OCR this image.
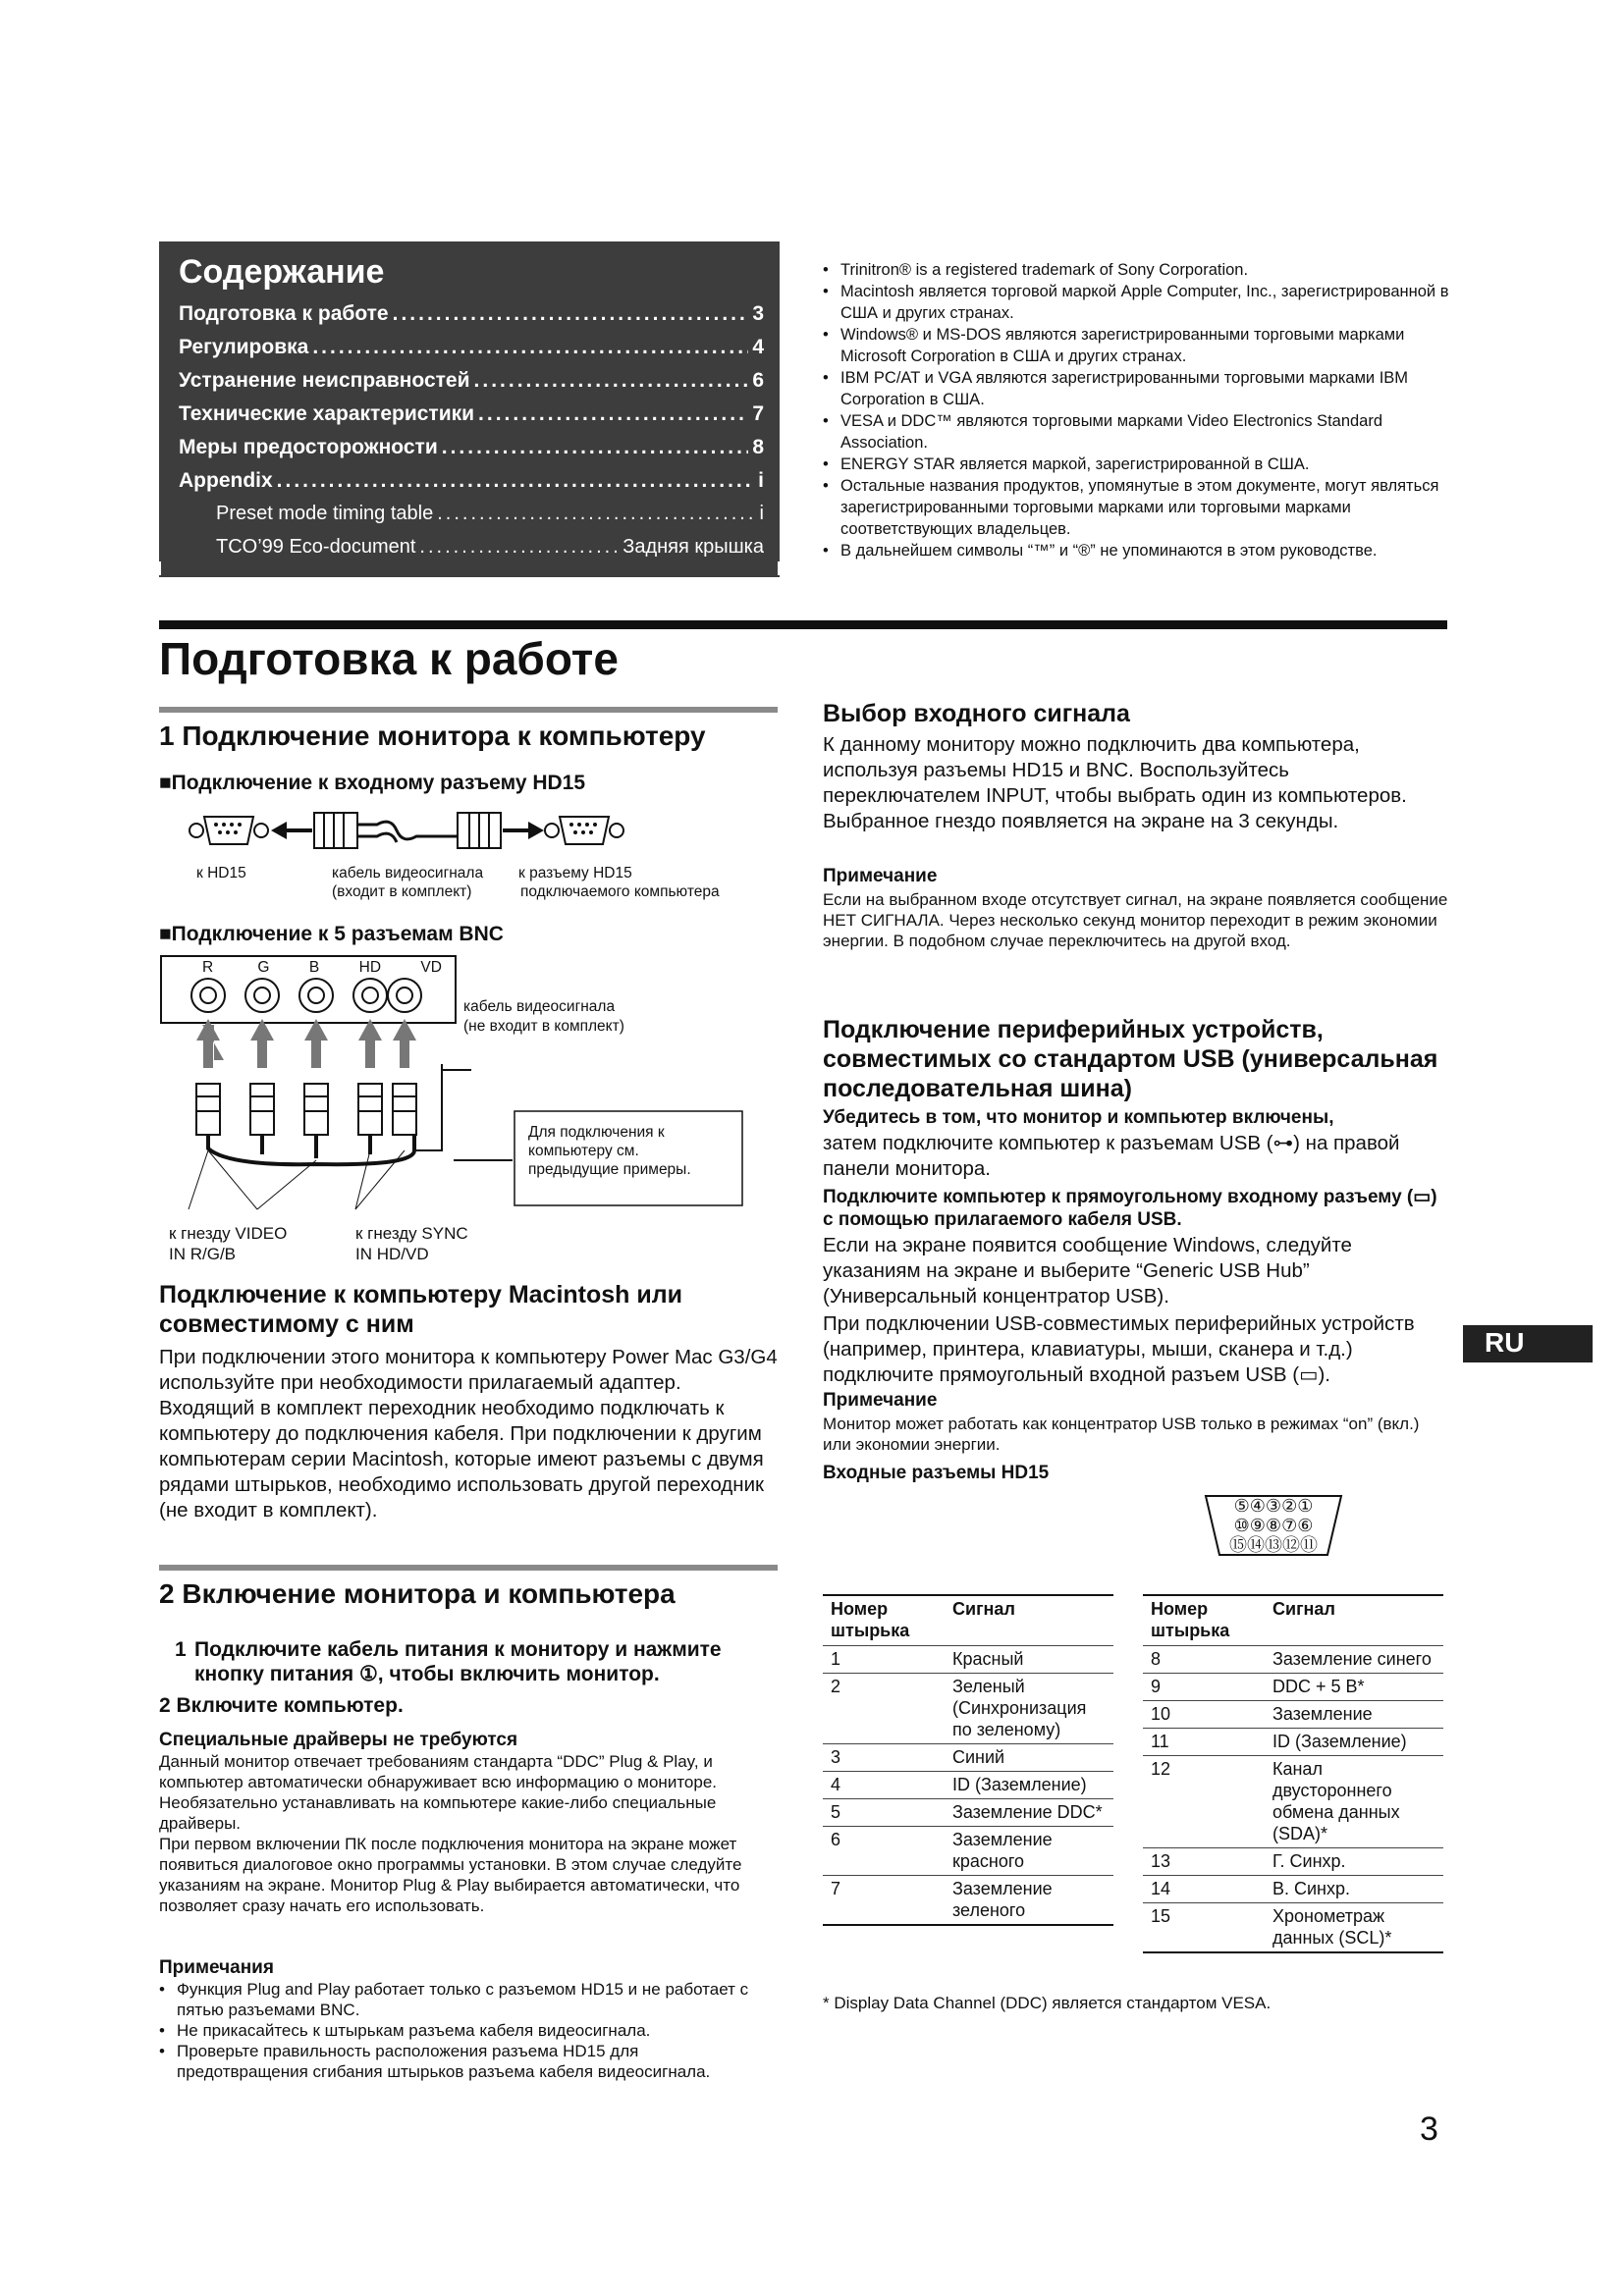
Содержание
Подготовка к работе .....	3
Регулировка .....	4
Устранение неисправностей .....	6
Технические характеристики .....	7
Меры предосторожности .....	8
Appendix .....	i
Preset mode timing table .....	i
TCO’99 Eco-document .....	Задняя крышка
• Trinitron® is a registered trademark of Sony Corporation.
• Macintosh является торговой маркой Apple Computer, Inc., зарегистрированной в США и других странах.
• Windows® и MS-DOS являются зарегистрированными торговыми марками Microsoft Corporation в США и других странах.
• IBM PC/AT и VGA являются зарегистрированными торговыми марками IBM Corporation в США.
• VESA и DDC™ являются торговыми марками Video Electronics Standard Association.
• ENERGY STAR является маркой, зарегистрированной в США.
• Остальные названия продуктов, упомянутые в этом документе, могут являться зарегистрированными торговыми марками или торговыми марками соответствующих владельцев.
• В дальнейшем символы “™” и “®” не упоминаются в этом руководстве.
Подготовка к работе
1 Подключение монитора к компьютеру
■Подключение к входному разъему HD15
к HD15	кабель видеосигнала
(входит в комплект)
к разъему HD15
подключаемого компьютера
■Подключение к 5 разъемам BNC
R	G	B	HD	VD
кабель видеосигнала
(не входит в комплект)
Для подключения к компьютеру см. предыдущие примеры.
к гнезду VIDEO
IN R/G/B
к гнезду SYNC
IN HD/VD
Подключение к компьютеру Macintosh или совместимому с ним
При подключении этого монитора к компьютеру Power Mac G3/G4 используйте при необходимости прилагаемый адаптер. Входящий в комплект переходник необходимо подключать к компьютеру до подключения кабеля. При подключении к другим компьютерам серии Macintosh, которые имеют разъемы с двумя рядами штырьков, необходимо использовать другой переходник (не входит в комплект).
2 Включение монитора и компьютера
1 Подключите кабель питания к монитору и нажмите кнопку питания ①, чтобы включить монитор.
2 Включите компьютер.
Специальные драйверы не требуются
Данный монитор отвечает требованиям стандарта “DDC” Plug & Play, и компьютер автоматически обнаруживает всю информацию о мониторе. Необязательно устанавливать на компьютере какие-либо специальные драйверы.
При первом включении ПК после подключения монитора на экране может появиться диалоговое окно программы установки. В этом случае следуйте указаниям на экране. Монитор Plug & Play выбирается автоматически, что позволяет сразу начать его использовать.
Примечания
• Функция Plug and Play работает только с разъемом HD15 и не работает с пятью разъемами BNC.
• Не прикасайтесь к штырькам разъема кабеля видеосигнала.
• Проверьте правильность расположения разъема HD15 для предотвращения сгибания штырьков разъема кабеля видеосигнала.
Выбор входного сигнала
К данному монитору можно подключить два компьютера, используя разъемы HD15 и BNC. Воспользуйтесь переключателем INPUT, чтобы выбрать один из компьютеров. Выбранное гнездо появляется на экране на 3 секунды.
Примечание
Если на выбранном входе отсутствует сигнал, на экране появляется сообщение НЕТ СИГНАЛА. Через несколько секунд монитор переходит в режим экономии энергии. В подобном случае переключитесь на другой вход.
Подключение периферийных устройств, совместимых со стандартом USB (универсальная последовательная шина)
Убедитесь в том, что монитор и компьютер включены,
затем подключите компьютер к разъемам USB (⊶) на правой панели монитора.
Подключите компьютер к прямоугольному входному разъему (▭) с помощью прилагаемого кабеля USB.
Если на экране появится сообщение Windows, следуйте указаниям на экране и выберите “Generic USB Hub” (Универсальный концентратор USB).
При подключении USB-совместимых периферийных устройств (например, принтера, клавиатуры, мыши, сканера и т.д.) подключите прямоугольный входной разъем USB (▭).
Примечание
Монитор может работать как концентратор USB только в режимах “on” (вкл.) или экономии энергии.
Входные разъемы HD15
⑤④③②①
⑩⑨⑧⑦⑥
⑮⑭⑬⑫⑪
Номер штырька	Сигнал
1	Красный
2	Зеленый (Синхронизация по зеленому)
3	Синий
4	ID (Заземление)
5	Заземление DDC*
6	Заземление красного
7	Заземление зеленого
Номер штырька	Сигнал
8	Заземление синего
9	DDC + 5 B*
10	Заземление
11	ID (Заземление)
12	Канал двустороннего обмена данных (SDA)*
13	Г. Синхр.
14	В. Синхр.
15	Хронометраж данных (SCL)*
* Display Data Channel (DDC) является стандартом VESA.
RU
3
